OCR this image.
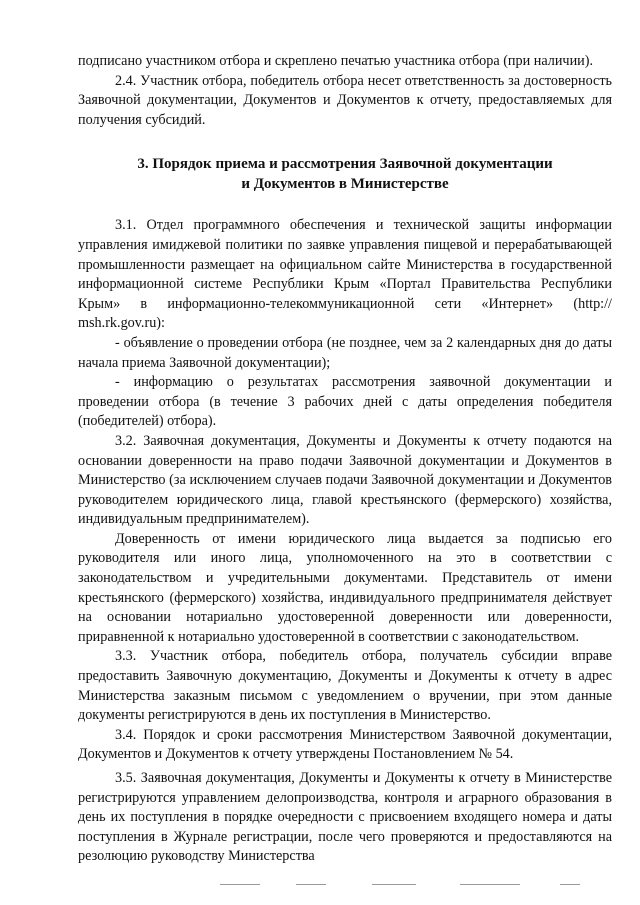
подписано участником отбора и скреплено печатью участника отбора (при наличии).

2.4. Участник отбора, победитель отбора несет ответственность за достоверность Заявочной документации, Документов и Документов к отчету, предоставляемых для получения субсидий.

3. Порядок приема и рассмотрения Заявочной документации
и Документов в Министерстве

3.1. Отдел программного обеспечения и технической защиты информации управления имиджевой политики по заявке управления пищевой и перерабатывающей промышленности размещает на официальном сайте Министерства в государственной информационной системе Республики Крым «Портал Правительства Республики Крым» в информационно-телекоммуникационной сети «Интернет» (http:// msh.rk.gov.ru):

- объявление о проведении отбора (не позднее, чем за 2 календарных дня до даты начала приема Заявочной документации);

- информацию о результатах рассмотрения заявочной документации и проведении отбора (в течение 3 рабочих дней с даты определения победителя (победителей) отбора).

3.2. Заявочная документация, Документы и Документы к отчету подаются на основании доверенности на право подачи Заявочной документации и Документов в Министерство (за исключением случаев подачи Заявочной документации и Документов руководителем юридического лица, главой крестьянского (фермерского) хозяйства, индивидуальным предпринимателем).

Доверенность от имени юридического лица выдается за подписью его руководителя или иного лица, уполномоченного на это в соответствии с законодательством и учредительными документами. Представитель от имени крестьянского (фермерского) хозяйства, индивидуального предпринимателя действует на основании нотариально удостоверенной доверенности или доверенности, приравненной к нотариально удостоверенной в соответствии с законодательством.

3.3. Участник отбора, победитель отбора, получатель субсидии вправе предоставить Заявочную документацию, Документы и Документы к отчету в адрес Министерства заказным письмом с уведомлением о вручении, при этом данные документы регистрируются в день их поступления в Министерство.

3.4. Порядок и сроки рассмотрения Министерством Заявочной документации, Документов и Документов к отчету утверждены Постановлением № 54.

3.5. Заявочная документация, Документы и Документы к отчету в Министерстве регистрируются управлением делопроизводства, контроля и аграрного образования в день их поступления в порядке очередности с присвоением входящего номера и даты поступления в Журнале регистрации, после чего проверяются и предоставляются на резолюцию руководству Министерства
